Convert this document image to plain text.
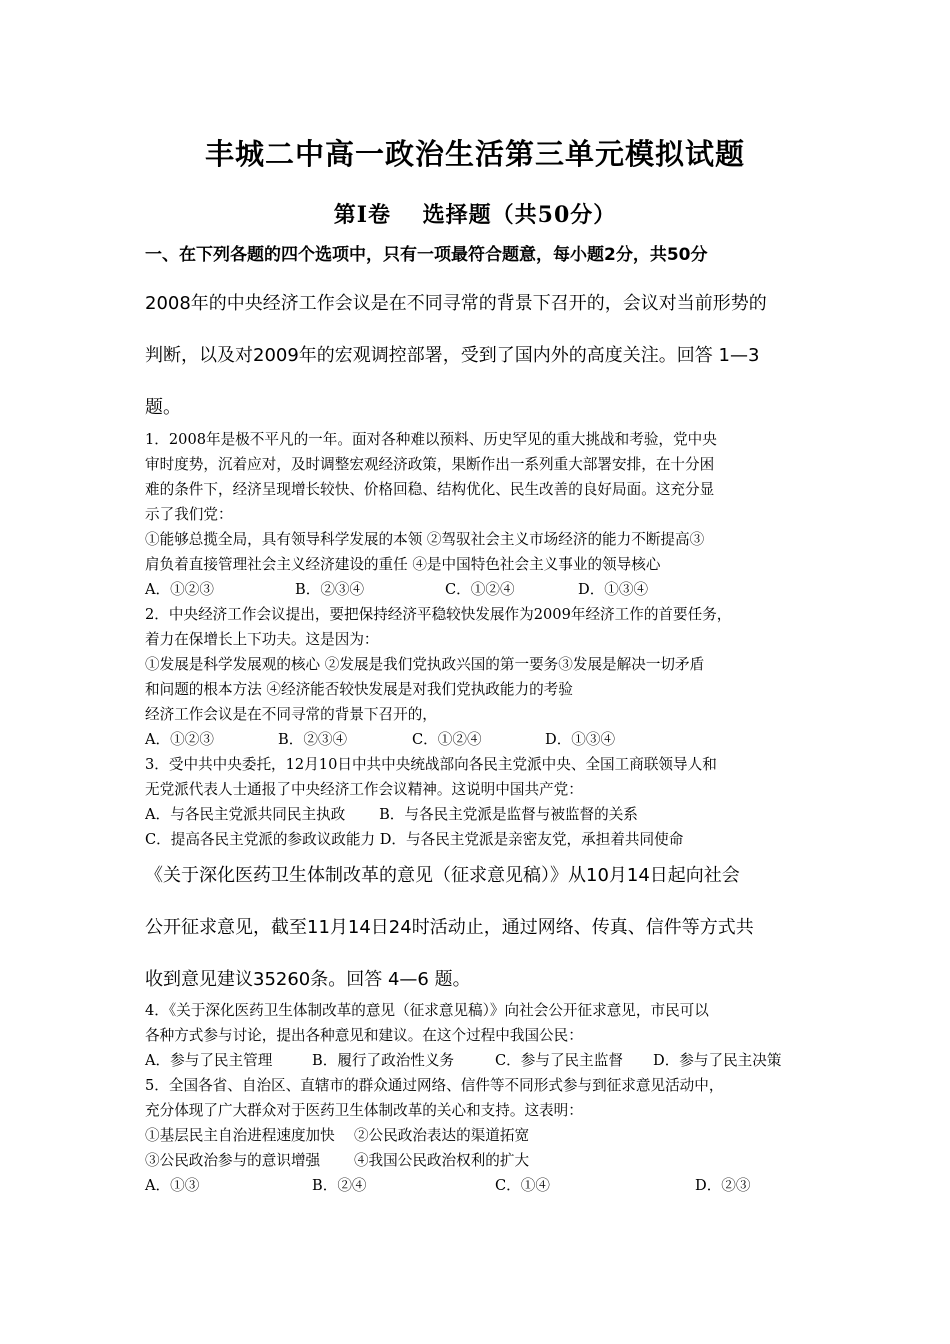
丰城二中高一政治生活第三单元模拟试题
第Ⅰ卷　 选择题（共50分）
一、在下列各题的四个选项中，只有一项最符合题意，每小题2分，共50分
2008年的中央经济工作会议是在不同寻常的背景下召开的，会议对当前形势的
判断，以及对2009年的宏观调控部署，受到了国内外的高度关注。回答 1—3
题。
1．2008年是极不平凡的一年。面对各种难以预料、历史罕见的重大挑战和考验，党中央
审时度势，沉着应对，及时调整宏观经济政策，果断作出一系列重大部署安排，在十分困
难的条件下，经济呈现增长较快、价格回稳、结构优化、民生改善的良好局面。这充分显
示了我们党：
①能够总揽全局，具有领导科学发展的本领 ②驾驭社会主义市场经济的能力不断提高③
肩负着直接管理社会主义经济建设的重任 ④是中国特色社会主义事业的领导核心
A．①②③	B．②③④	C．①②④	D．①③④
2．中央经济工作会议提出，要把保持经济平稳较快发展作为2009年经济工作的首要任务，
着力在保增长上下功夫。这是因为：
①发展是科学发展观的核心 ②发展是我们党执政兴国的第一要务③发展是解决一切矛盾
和问题的根本方法 ④经济能否较快发展是对我们党执政能力的考验
经济工作会议是在不同寻常的背景下召开的，
A．①②③	B．②③④	C．①②④	D．①③④
3．受中共中央委托，12月10日中共中央统战部向各民主党派中央、全国工商联领导人和
无党派代表人士通报了中央经济工作会议精神。这说明中国共产党：
A．与各民主党派共同民主执政　　 B．与各民主党派是监督与被监督的关系
C．提高各民主党派的参政议政能力 D．与各民主党派是亲密友党，承担着共同使命
《关于深化医药卫生体制改革的意见（征求意见稿）》从10月14日起向社会
公开征求意见，截至11月14日24时活动止，通过网络、传真、信件等方式共
收到意见建议35260条。回答 4—6 题。
4．《关于深化医药卫生体制改革的意见（征求意见稿）》向社会公开征求意见，市民可以
各种方式参与讨论，提出各种意见和建议。在这个过程中我国公民：
A．参与了民主管理	B．履行了政治性义务	C．参与了民主监督 D．参与了民主决策
5．全国各省、自治区、直辖市的群众通过网络、信件等不同形式参与到征求意见活动中，
充分体现了广大群众对于医药卫生体制改革的关心和支持。这表明：
①基层民主自治进程速度加快　 ②公民政治表达的渠道拓宽
③公民政治参与的意识增强　　 ④我国公民政治权利的扩大
A．①③	B．②④	C．①④	D．②③
